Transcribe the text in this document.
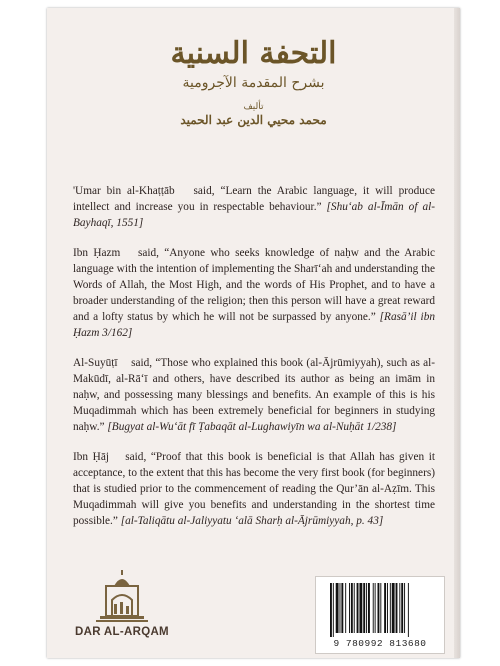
التحفة السنية
بشرح المقدمة الآجرومية
تأليف
محمد محيي الدين عبد الحميد

'Umar bin al-Khaṭṭāb ﷜ said, “Learn the Arabic language, it will produce intellect and increase you in respectable behaviour.” [Shu‘ab al-Īmān of al-Bayhaqī, 1551]

Ibn Ḥazm ﷜ said, “Anyone who seeks knowledge of naḥw and the Arabic language with the intention of implementing the Sharī‘ah and understanding the Words of Allah, the Most High, and the words of His Prophet, and to have a broader understanding of the religion; then this person will have a great reward and a lofty status by which he will not be surpassed by anyone.” [Rasā’il ibn Ḥazm 3/162]

Al-Suyūṭī ﷜ said, “Those who explained this book (al-Ājrūmiyyah), such as al-Makūdī, al-Rā‘ī and others, have described its author as being an imām in naḥw, and possessing many blessings and benefits. An example of this is his Muqadimmah which has been extremely beneficial for beginners in studying naḥw.” [Bugyat al-Wu‘āt fī Ṭabaqāt al-Lughawiyīn wa al-Nuḥāt 1/238]

Ibn Ḥāj ﷜ said, “Proof that this book is beneficial is that Allah has given it acceptance, to the extent that this has become the very first book (for beginners) that is studied prior to the commencement of reading the Qur’ān al-Aẓīm. This Muqadimmah will give you benefits and understanding in the shortest time possible.” [al-Taliqātu al-Jaliyyatu ‘alā Sharḥ al-Ājrūmiyyah, p. 43]

DAR AL-ARQAM
9 780992 813680
